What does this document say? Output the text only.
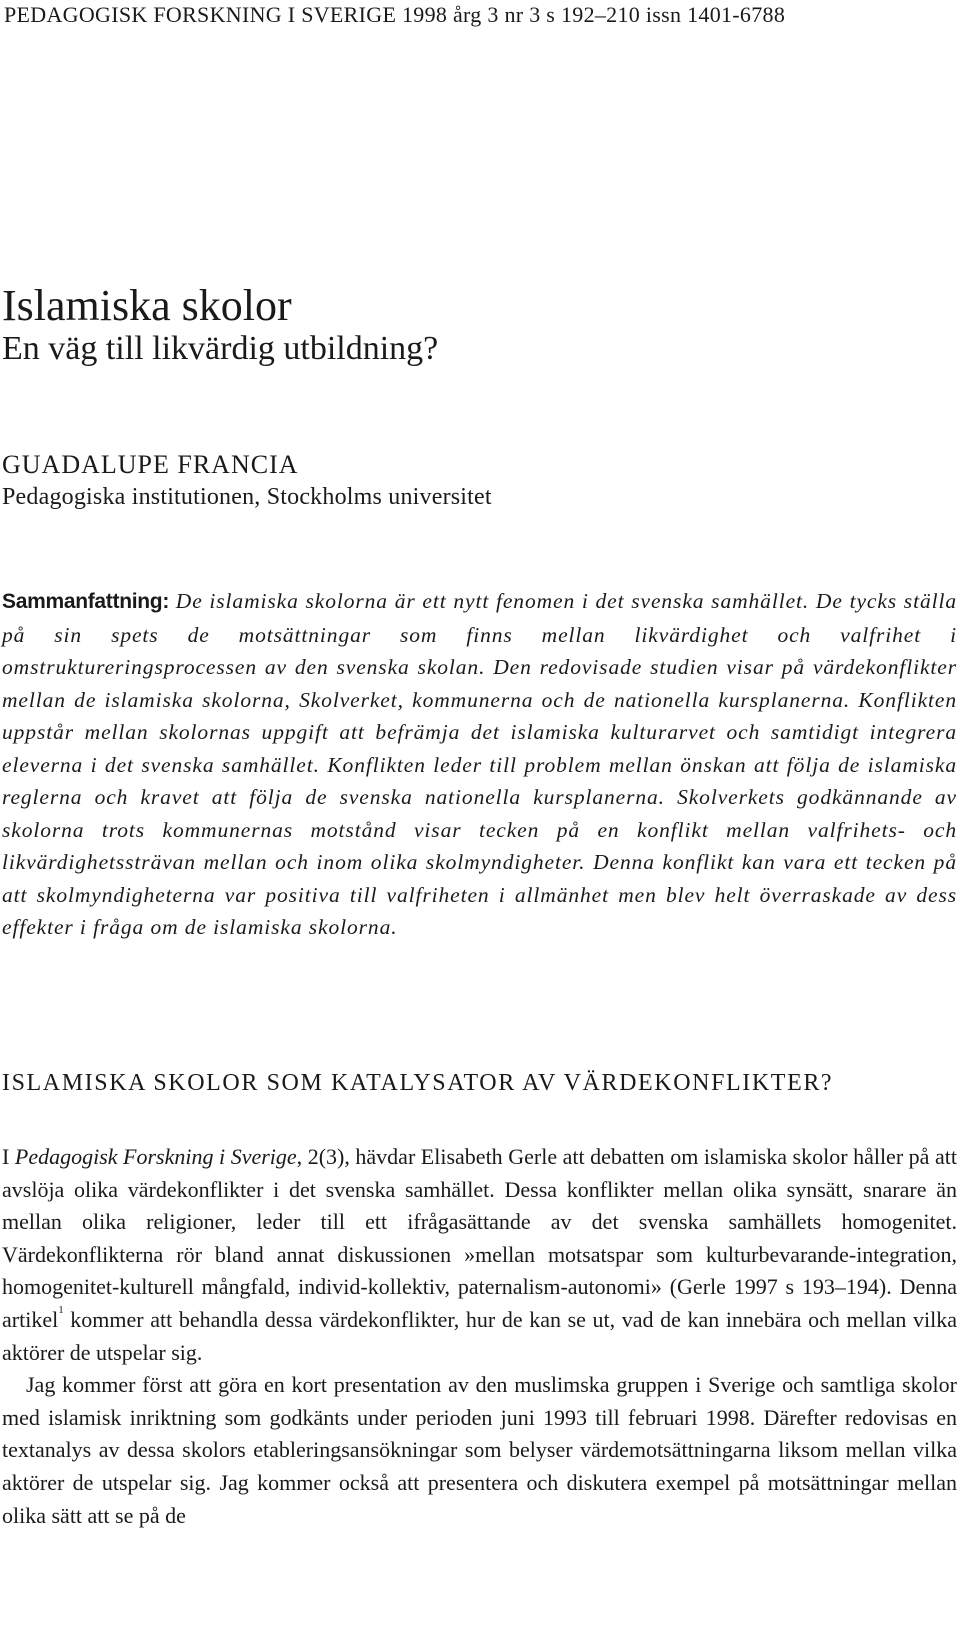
PEDAGOGISK FORSKNING I SVERIGE 1998 årg 3 nr 3 s 192–210 issn 1401-6788
Islamiska skolor
En väg till likvärdig utbildning?
GUADALUPE FRANCIA
Pedagogiska institutionen, Stockholms universitet

Sammanfattning: De islamiska skolorna är ett nytt fenomen i det svenska samhället. De tycks ställa på sin spets de motsättningar som finns mellan likvärdighet och valfrihet i omstruktureringsprocessen av den svenska skolan. Den redovisade studien visar på värdekonflikter mellan de islamiska skolorna, Skolverket, kommunerna och de nationella kursplanerna. Konflikten uppstår mellan skolornas uppgift att befrämja det islamiska kulturarvet och samtidigt integrera eleverna i det svenska samhället. Konflikten leder till problem mellan önskan att följa de islamiska reglerna och kravet att följa de svenska nationella kursplanerna. Skolverkets godkännande av skolorna trots kommunernas motstånd visar tecken på en konflikt mellan valfrihets- och likvärdighetssträvan mellan och inom olika skolmyndigheter. Denna konflikt kan vara ett tecken på att skolmyndigheterna var positiva till valfriheten i allmänhet men blev helt överraskade av dess effekter i fråga om de islamiska skolorna.

ISLAMISKA SKOLOR SOM KATALYSATOR AV VÄRDEKONFLIKTER?

I Pedagogisk Forskning i Sverige, 2(3), hävdar Elisabeth Gerle att debatten om islamiska skolor håller på att avslöja olika värdekonflikter i det svenska samhället. Dessa konflikter mellan olika synsätt, snarare än mellan olika religioner, leder till ett ifrågasättande av det svenska samhällets homogenitet. Värdekonflikterna rör bland annat diskussionen »mellan motsatspar som kulturbevarande-integration, homogenitet-kulturell mångfald, individ-kollektiv, paternalism-autonomi» (Gerle 1997 s 193–194). Denna artikel$^1$ kommer att behandla dessa värdekonflikter, hur de kan se ut, vad de kan innebära och mellan vilka aktörer de utspelar sig.

Jag kommer först att göra en kort presentation av den muslimska gruppen i Sverige och samtliga skolor med islamisk inriktning som godkänts under perioden juni 1993 till februari 1998. Därefter redovisas en textanalys av dessa skolors etableringsansökningar som belyser värdemotsättningarna liksom mellan vilka aktörer de utspelar sig. Jag kommer också att presentera och diskutera exempel på motsättningar mellan olika sätt att se på de
